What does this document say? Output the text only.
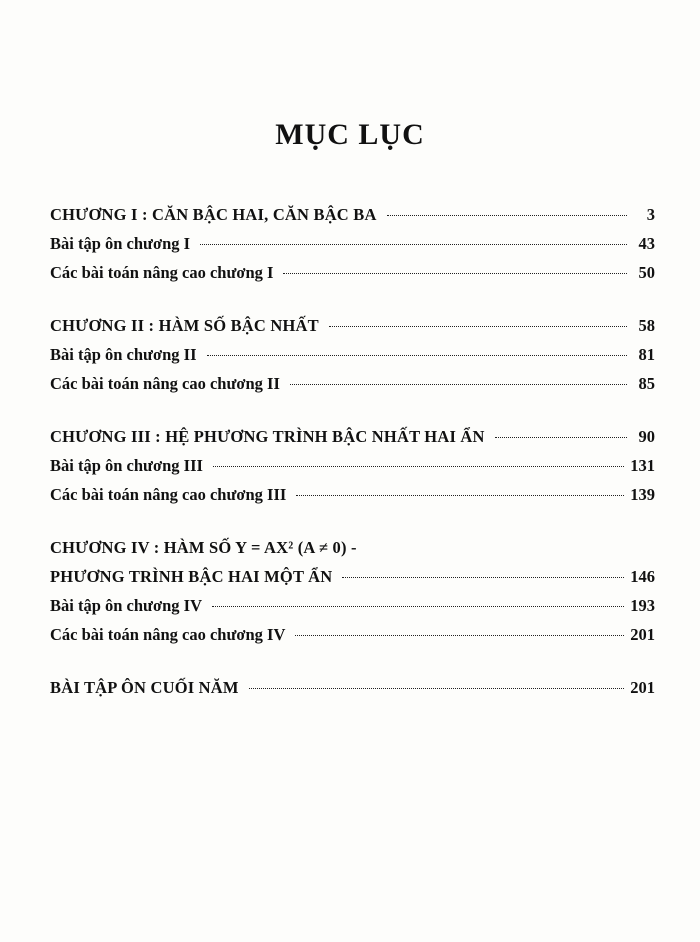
MỤC LỤC
CHƯƠNG I : CĂN BẬC HAI, CĂN BẬC BA	3
Bài tập ôn chương I	43
Các bài toán nâng cao chương I	50
CHƯƠNG II : HÀM SỐ BẬC NHẤT	58
Bài tập ôn chương II	81
Các bài toán nâng cao chương II	85
CHƯƠNG III : HỆ PHƯƠNG TRÌNH BẬC NHẤT HAI ẨN	90
Bài tập ôn chương III	131
Các bài toán nâng cao chương III	139
CHƯƠNG IV : HÀM SỐ Y = AX² (A ≠ 0) -
PHƯƠNG TRÌNH BẬC HAI MỘT ẨN	146
Bài tập ôn chương IV	193
Các bài toán nâng cao chương IV	201
BÀI TẬP ÔN CUỐI NĂM	201
